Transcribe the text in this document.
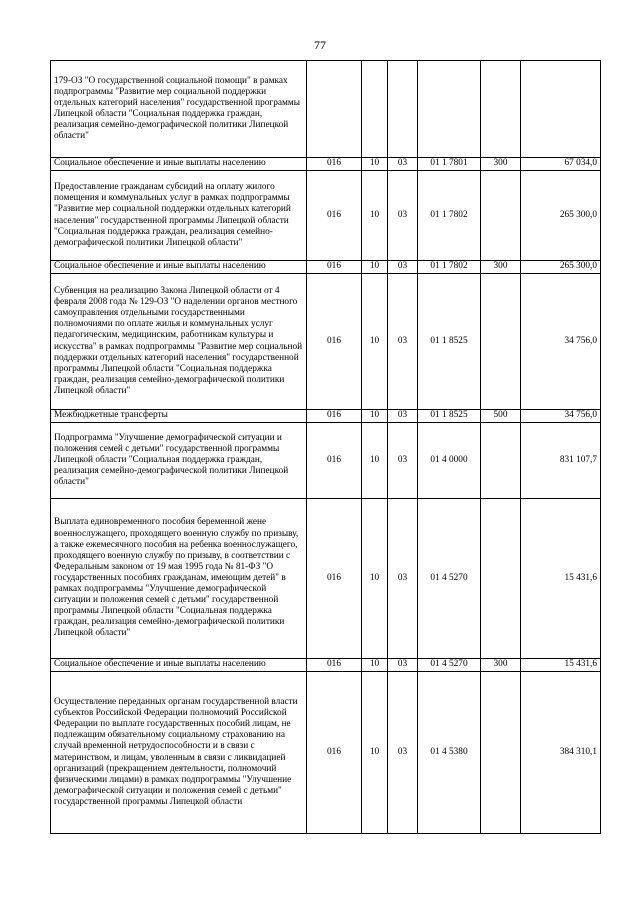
77
179-ОЗ "О государственной социальной помощи" в рамках подпрограммы "Развитие мер социальной поддержки отдельных категорий населения" государственной программы Липецкой области "Социальная поддержка граждан, реализация семейно-демографической политики Липецкой области"						
Социальное обеспечение и иные выплаты населению	016	10	03	01 1 7801	300	67 034,0
Предоставление гражданам субсидий на оплату жилого помещения и коммунальных услуг в рамках подпрограммы "Развитие мер социальной поддержки отдельных категорий населения" государственной программы Липецкой области "Социальная поддержка граждан, реализация семейно-демографической политики Липецкой области"	016	10	03	01 1 7802		265 300,0
Социальное обеспечение и иные выплаты населению	016	10	03	01 1 7802	300	265 300,0
Субвенция на реализацию Закона Липецкой области от 4 февраля 2008 года № 129-ОЗ "О наделении органов местного самоуправления отдельными государственными полномочиями по оплате жилья и коммунальных услуг педагогическим, медицинским, работникам культуры и искусства" в рамках подпрограммы "Развитие мер социальной поддержки отдельных категорий населения" государственной программы Липецкой области "Социальная поддержка граждан, реализация семейно-демографической политики Липецкой области"	016	10	03	01 1 8525		34 756,0
Межбюджетные трансферты	016	10	03	01 1 8525	500	34 756,0
Подпрограмма "Улучшение демографической ситуации и положения семей с детьми" государственной программы Липецкой области "Социальная поддержка граждан, реализация семейно-демографической политики Липецкой области"	016	10	03	01 4 0000		831 107,7
Выплата единовременного пособия беременной жене военнослужащего, проходящего военную службу по призыву, а также ежемесячного пособия на ребенка военнослужащего, проходящего военную службу по призыву, в соответствии с Федеральным законом от 19 мая 1995 года № 81-ФЗ "О государственных пособиях гражданам, имеющим детей" в рамках подпрограммы "Улучшение демографической ситуации и положения семей с детьми" государственной программы Липецкой области "Социальная поддержка граждан, реализация семейно-демографической политики Липецкой области"	016	10	03	01 4 5270		15 431,6
Социальное обеспечение и иные выплаты населению	016	10	03	01 4 5270	300	15 431,6
Осуществление переданных органам государственной власти субъектов Российской Федерации полномочий Российской Федерации по выплате государственных пособий лицам, не подлежащим обязательному социальному страхованию на случай временной нетрудоспособности и в связи с материнством, и лицам, уволенным в связи с ликвидацией организаций (прекращением деятельности, полномочий физическими лицами) в рамках подпрограммы "Улучшение демографической ситуации и положения семей с детьми" государственной программы Липецкой области	016	10	03	01 4 5380		384 310,1
